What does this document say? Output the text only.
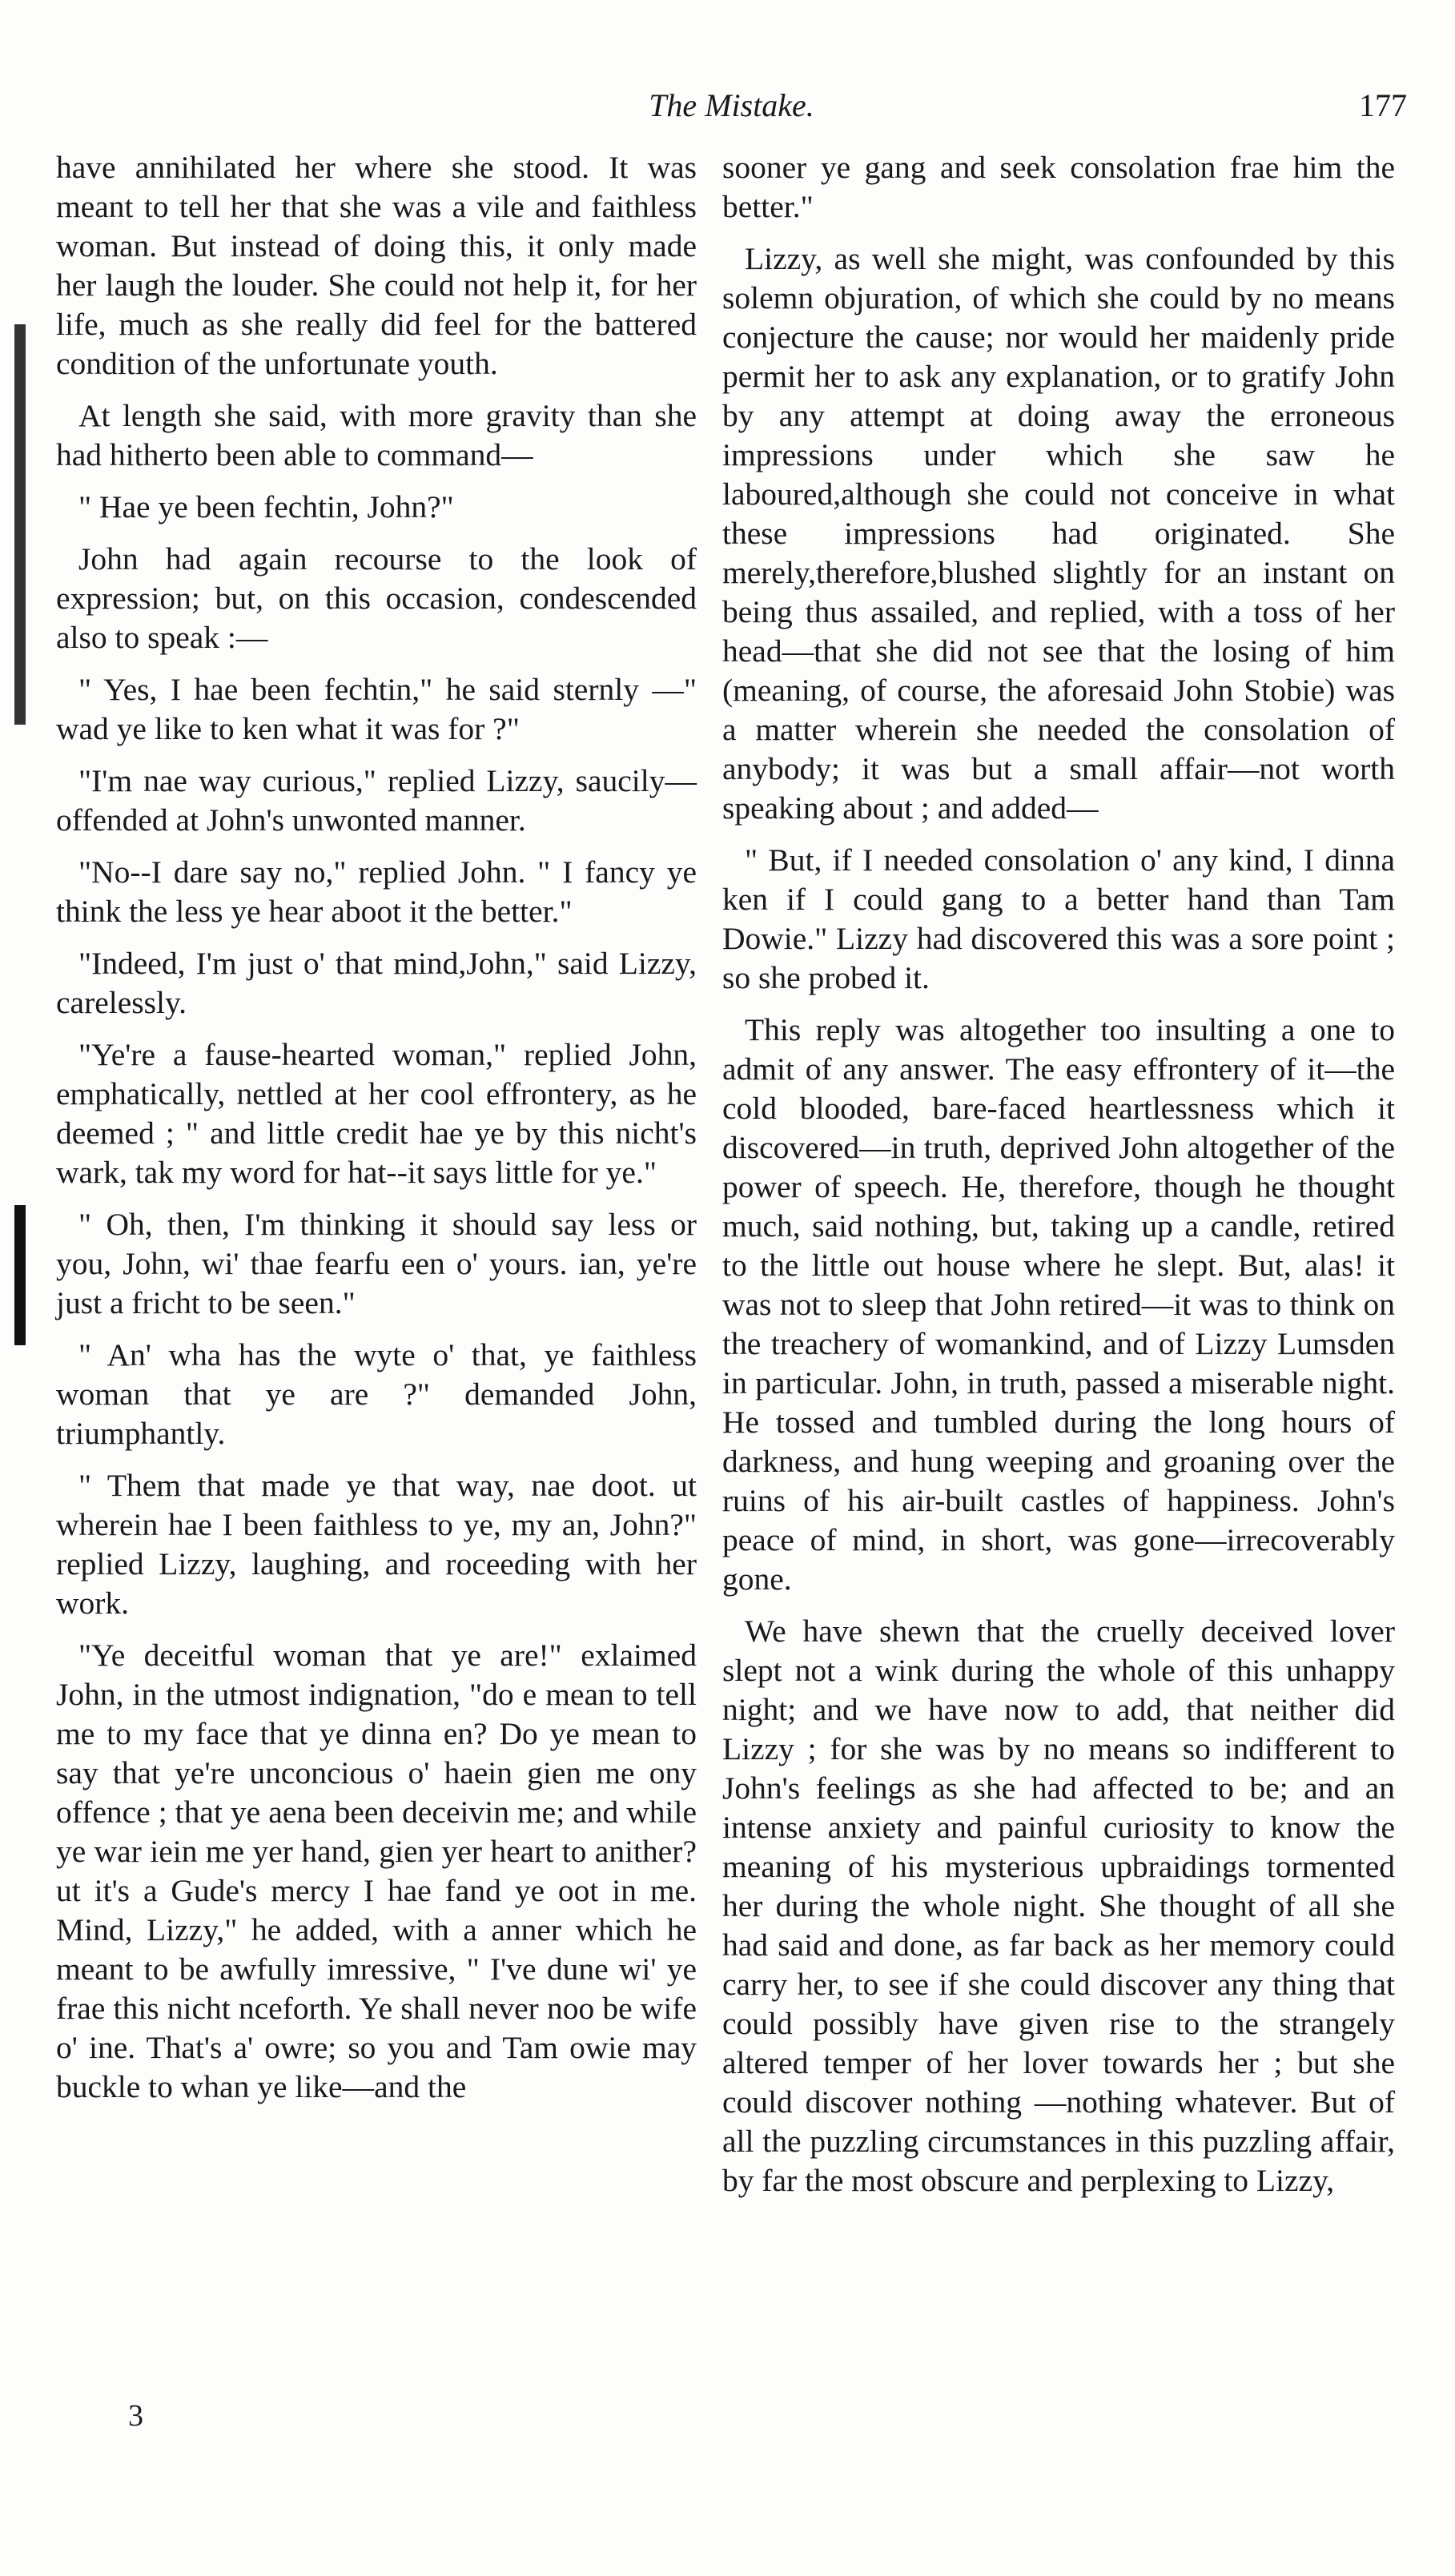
The Mistake.	177

have annihilated her where she stood. It was meant to tell her that she was a vile and faithless woman. But instead of doing this, it only made her laugh the louder. She could not help it, for her life, much as she really did feel for the battered condition of the unfortunate youth.

At length she said, with more gravity than she had hitherto been able to command—

" Hae ye been fechtin, John?"

John had again recourse to the look of expression; but, on this occasion, condescended also to speak :—

" Yes, I hae been fechtin," he said sternly —" wad ye like to ken what it was for ?"

"I'm nae way curious," replied Lizzy, saucily—offended at John's unwonted manner.

"No--I dare say no," replied John. " I fancy ye think the less ye hear aboot it the better."

"Indeed, I'm just o' that mind,John," said Lizzy, carelessly.

"Ye're a fause-hearted woman," replied John, emphatically, nettled at her cool effrontery, as he deemed ; " and little credit hae ye by this nicht's wark, tak my word for hat--it says little for ye."

" Oh, then, I'm thinking it should say less or you, John, wi' thae fearfu een o' yours. ian, ye're just a fricht to be seen."

" An' wha has the wyte o' that, ye faithless woman that ye are ?" demanded John, triumphantly.

" Them that made ye that way, nae doot. ut wherein hae I been faithless to ye, my an, John?" replied Lizzy, laughing, and roceeding with her work.

"Ye deceitful woman that ye are!" exlaimed John, in the utmost indignation, "do e mean to tell me to my face that ye dinna en? Do ye mean to say that ye're unconcious o' haein gien me ony offence ; that ye aena been deceivin me; and while ye war iein me yer hand, gien yer heart to anither? ut it's a Gude's mercy I hae fand ye oot in me. Mind, Lizzy," he added, with a anner which he meant to be awfully imressive, " I've dune wi' ye frae this nicht nceforth. Ye shall never noo be wife o' ine. That's a' owre; so you and Tam owie may buckle to whan ye like—and the

sooner ye gang and seek consolation frae him the better."

Lizzy, as well she might, was confounded by this solemn objuration, of which she could by no means conjecture the cause; nor would her maidenly pride permit her to ask any explanation, or to gratify John by any attempt at doing away the erroneous impressions under which she saw he laboured,although she could not conceive in what these impressions had originated. She merely,therefore,blushed slightly for an instant on being thus assailed, and replied, with a toss of her head—that she did not see that the losing of him (meaning, of course, the aforesaid John Stobie) was a matter wherein she needed the consolation of anybody; it was but a small affair—not worth speaking about ; and added—

" But, if I needed consolation o' any kind, I dinna ken if I could gang to a better hand than Tam Dowie." Lizzy had discovered this was a sore point ; so she probed it.

This reply was altogether too insulting a one to admit of any answer. The easy effrontery of it—the cold blooded, bare-faced heartlessness which it discovered—in truth, deprived John altogether of the power of speech. He, therefore, though he thought much, said nothing, but, taking up a candle, retired to the little out house where he slept. But, alas! it was not to sleep that John retired—it was to think on the treachery of womankind, and of Lizzy Lumsden in particular. John, in truth, passed a miserable night. He tossed and tumbled during the long hours of darkness, and hung weeping and groaning over the ruins of his air-built castles of happiness. John's peace of mind, in short, was gone—irrecoverably gone.

We have shewn that the cruelly deceived lover slept not a wink during the whole of this unhappy night; and we have now to add, that neither did Lizzy ; for she was by no means so indifferent to John's feelings as she had affected to be; and an intense anxiety and painful curiosity to know the meaning of his mysterious upbraidings tormented her during the whole night. She thought of all she had said and done, as far back as her memory could carry her, to see if she could discover any thing that could possibly have given rise to the strangely altered temper of her lover towards her ; but she could discover nothing —nothing whatever. But of all the puzzling circumstances in this puzzling affair, by far the most obscure and perplexing to Lizzy,

3
